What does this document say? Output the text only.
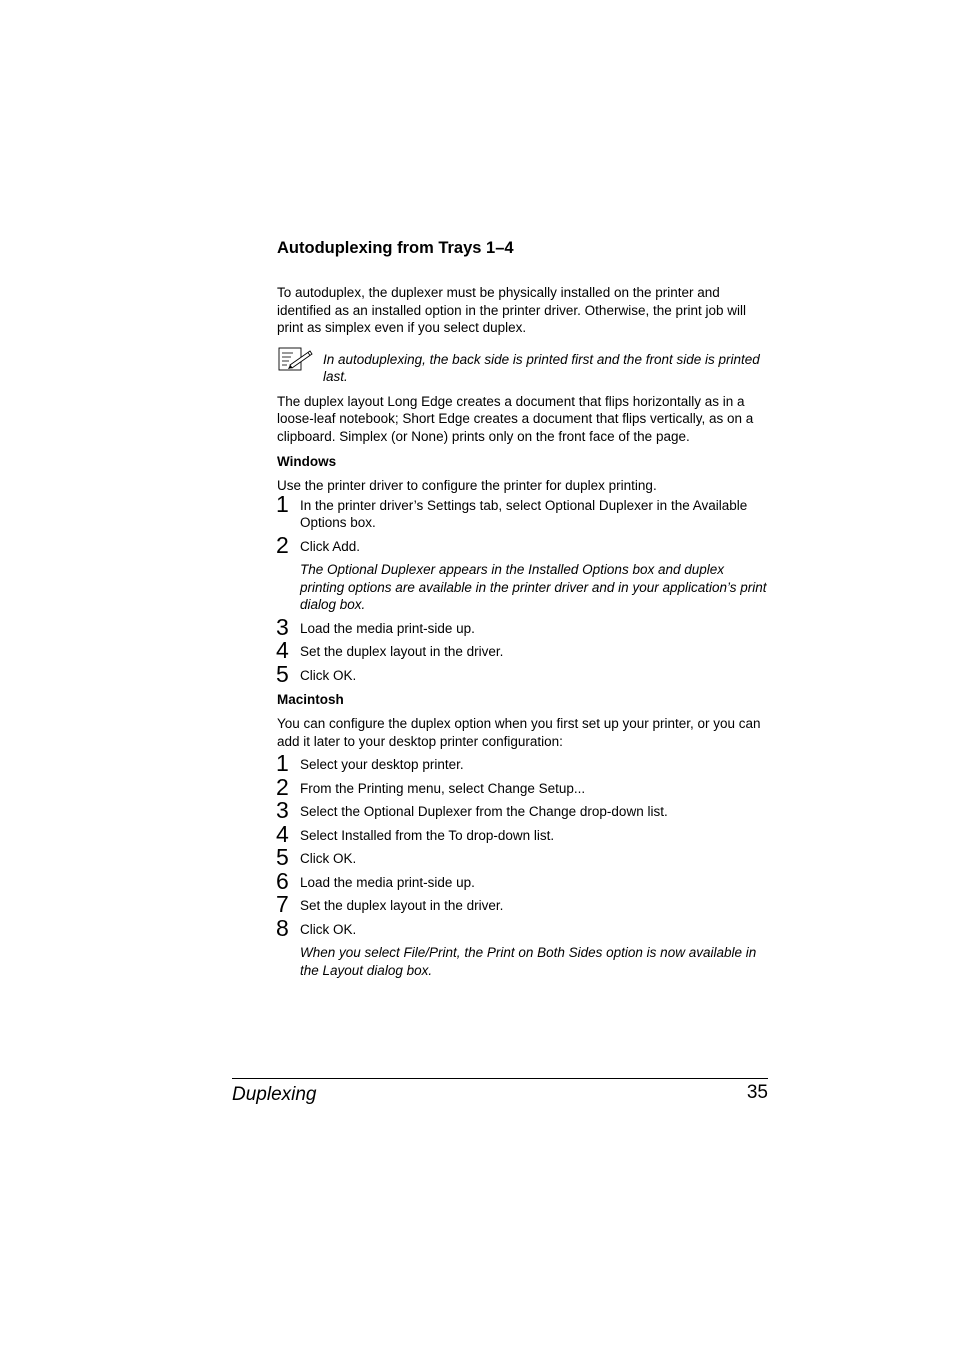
Autoduplexing from Trays 1–4

To autoduplex, the duplexer must be physically installed on the printer and identified as an installed option in the printer driver. Otherwise, the print job will print as simplex even if you select duplex.

In autoduplexing, the back side is printed first and the front side is printed last.

The duplex layout Long Edge creates a document that flips horizontally as in a loose-leaf notebook; Short Edge creates a document that flips vertically, as on a clipboard. Simplex (or None) prints only on the front face of the page.

Windows

Use the printer driver to configure the printer for duplex printing.

1 In the printer driver’s Settings tab, select Optional Duplexer in the Available Options box.

2 Click Add.

The Optional Duplexer appears in the Installed Options box and duplex printing options are available in the printer driver and in your application’s print dialog box.

3 Load the media print-side up.

4 Set the duplex layout in the driver.

5 Click OK.

Macintosh

You can configure the duplex option when you first set up your printer, or you can add it later to your desktop printer configuration:

1 Select your desktop printer.

2 From the Printing menu, select Change Setup...

3 Select the Optional Duplexer from the Change drop-down list.

4 Select Installed from the To drop-down list.

5 Click OK.

6 Load the media print-side up.

7 Set the duplex layout in the driver.

8 Click OK.

When you select File/Print, the Print on Both Sides option is now available in the Layout dialog box.

Duplexing	35
